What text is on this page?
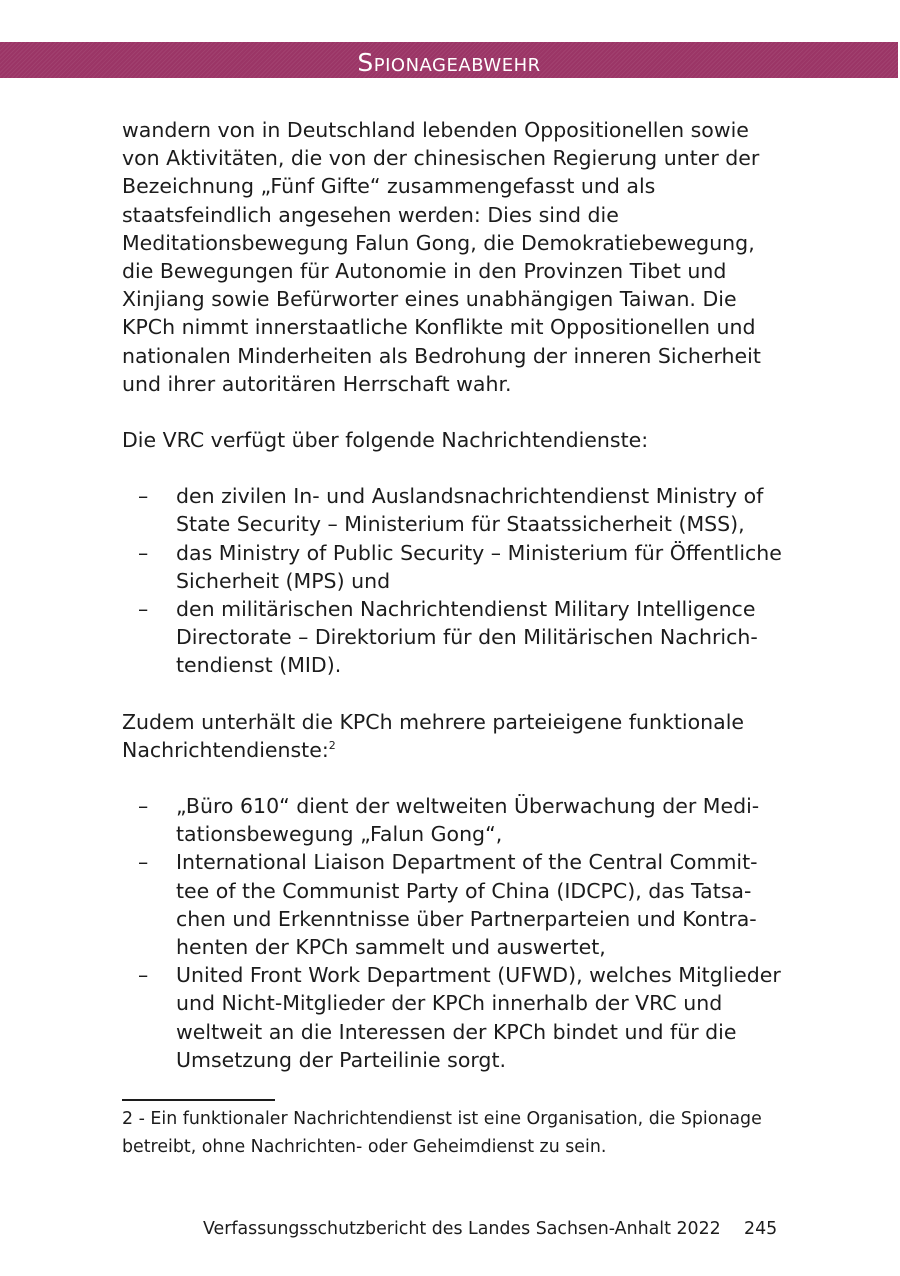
Spionageabwehr

wandern von in Deutschland lebenden Oppositionellen sowie von Aktivitäten, die von der chinesischen Regierung unter der Bezeichnung „Fünf Gifte“ zusammengefasst und als staatsfeindlich angesehen werden: Dies sind die Meditationsbewegung Falun Gong, die Demokratiebewegung, die Bewegungen für Autonomie in den Provinzen Tibet und Xinjiang sowie Befürworter eines unabhängigen Taiwan. Die KPCh nimmt innerstaatliche Konflikte mit Oppositionellen und nationalen Minderheiten als Bedrohung der inneren Sicherheit und ihrer autoritären Herrschaft wahr.

Die VRC verfügt über folgende Nachrichtendienste:

– den zivilen In- und Auslandsnachrichtendienst Ministry of State Security – Ministerium für Staatssicherheit (MSS),
– das Ministry of Public Security – Ministerium für Öffentliche Sicherheit (MPS) und
– den militärischen Nachrichtendienst Military Intelligence Directorate – Direktorium für den Militärischen Nachrichtendienst (MID).

Zudem unterhält die KPCh mehrere parteieigene funktionale Nachrichtendienste:$^2$

– „Büro 610“ dient der weltweiten Überwachung der Meditationsbewegung „Falun Gong“,
– International Liaison Department of the Central Committee of the Communist Party of China (IDCPC), das Tatsachen und Erkenntnisse über Partnerparteien und Kontrahenten der KPCh sammelt und auswertet,
– United Front Work Department (UFWD), welches Mitglieder und Nicht-Mitglieder der KPCh innerhalb der VRC und weltweit an die Interessen der KPCh bindet und für die Umsetzung der Parteilinie sorgt.

2 - Ein funktionaler Nachrichtendienst ist eine Organisation, die Spionage betreibt, ohne Nachrichten- oder Geheimdienst zu sein.

Verfassungsschutzbericht des Landes Sachsen-Anhalt 2022 245
